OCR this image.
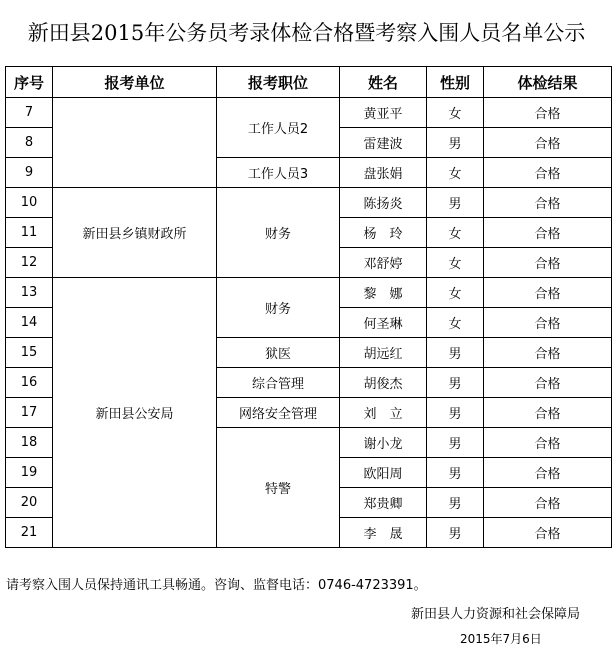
新田县2015年公务员考录体检合格暨考察入围人员名单公示
序号	报考单位	报考职位	姓名	性别	体检结果
7		工作人员2	黄亚平	女	合格
8			雷建波	男	合格
9		工作人员3	盘张娟	女	合格
10	新田县乡镇财政所	财务	陈扬炎	男	合格
11			杨　玲	女	合格
12			邓舒婷	女	合格
13	新田县公安局	财务	黎　娜	女	合格
14			何圣琳	女	合格
15		狱医	胡远红	男	合格
16		综合管理	胡俊杰	男	合格
17		网络安全管理	刘　立	男	合格
18		特警	谢小龙	男	合格
19			欧阳周	男	合格
20			郑贵卿	男	合格
21			李　晟	男	合格
请考察入围人员保持通讯工具畅通。咨询、监督电话：0746-4723391。
新田县人力资源和社会保障局
2015年7月6日
